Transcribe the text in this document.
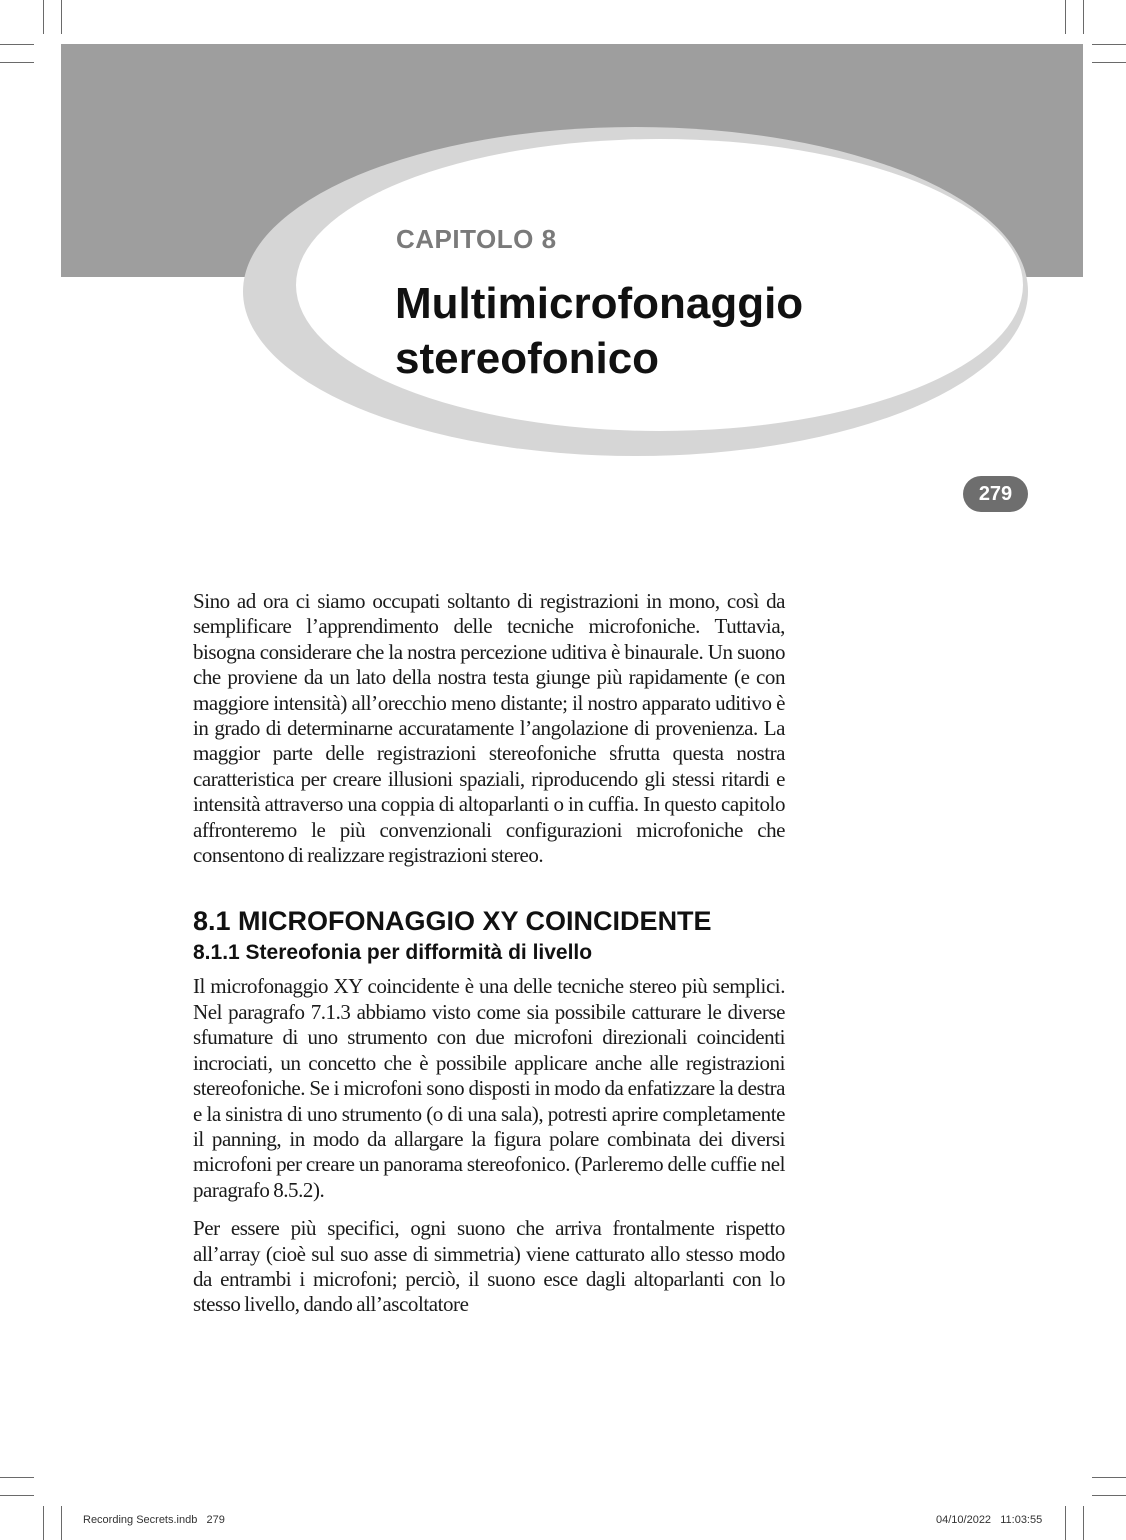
CAPITOLO 8
Multimicrofonaggio
stereofonico
279

Sino ad ora ci siamo occupati soltanto di registrazioni in mono, così da semplificare l’apprendimento delle tecniche microfoniche. Tuttavia, bisogna considerare che la nostra percezione uditiva è binaurale. Un suono che proviene da un lato della nostra testa giunge più rapidamente (e con maggiore intensità) all’orecchio meno distante; il nostro apparato uditivo è in grado di determinarne accuratamente l’angolazione di provenienza. La maggior parte delle registrazioni stereofoniche sfrutta questa nostra caratteristica per creare illusioni spaziali, riproducendo gli stessi ritardi e intensità attraverso una coppia di altoparlanti o in cuffia. In questo capitolo affronteremo le più convenzionali configurazioni microfoniche che consentono di realizzare registrazioni stereo.

8.1 MICROFONAGGIO XY COINCIDENTE
8.1.1 Stereofonia per difformità di livello

Il microfonaggio XY coincidente è una delle tecniche stereo più semplici. Nel paragrafo 7.1.3 abbiamo visto come sia possibile catturare le diverse sfumature di uno strumento con due microfoni direzionali coincidenti incrociati, un concetto che è possibile applicare anche alle registrazioni stereofoniche. Se i microfoni sono disposti in modo da enfatizzare la destra e la sinistra di uno strumento (o di una sala), potresti aprire completamente il panning, in modo da allargare la figura polare combinata dei diversi microfoni per creare un panorama stereofonico. (Parleremo delle cuffie nel paragrafo 8.5.2).

Per essere più specifici, ogni suono che arriva frontalmente rispetto all’array (cioè sul suo asse di simmetria) viene catturato allo stesso modo da entrambi i microfoni; perciò, il suono esce dagli altoparlanti con lo stesso livello, dando all’ascoltatore

Recording Secrets.indb   279	04/10/2022   11:03:55
